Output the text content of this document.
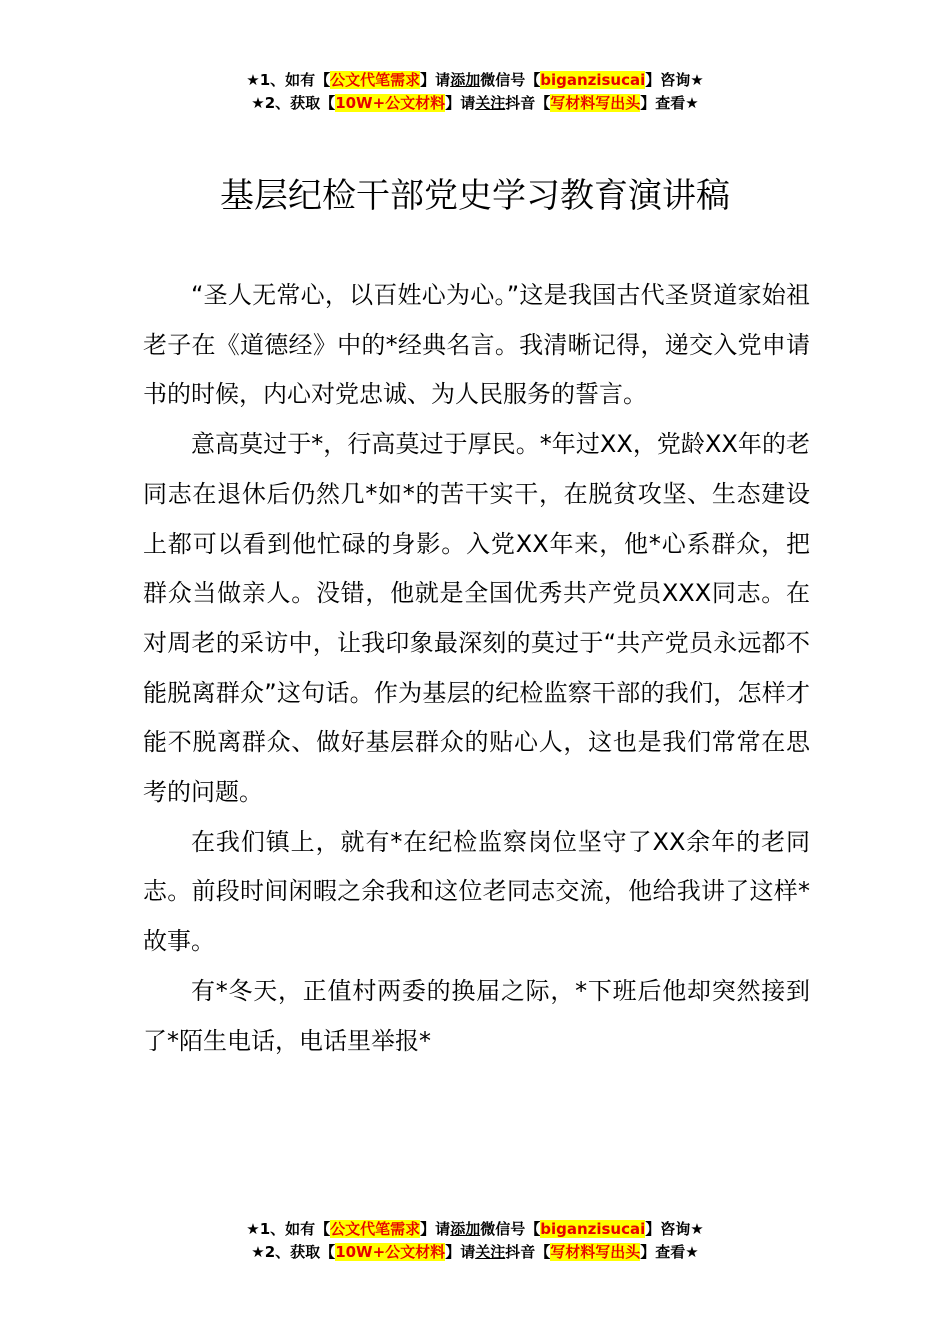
★1、如有【公文代笔需求】请添加微信号【biganzisucai】咨询★
★2、获取【10W+公文材料】请关注抖音【写材料写出头】查看★
基层纪检干部党史学习教育演讲稿

“圣人无常心，以百姓心为心。”这是我国古代圣贤道家始祖老子在《道德经》中的*经典名言。我清晰记得，递交入党申请书的时候，内心对党忠诚、为人民服务的誓言。

意高莫过于*，行高莫过于厚民。*年过XX，党龄XX年的老同志在退休后仍然几*如*的苦干实干，在脱贫攻坚、生态建设上都可以看到他忙碌的身影。入党XX年来，他*心系群众，把群众当做亲人。没错，他就是全国优秀共产党员XXX同志。在对周老的采访中，让我印象最深刻的莫过于“共产党员永远都不能脱离群众”这句话。作为基层的纪检监察干部的我们，怎样才能不脱离群众、做好基层群众的贴心人，这也是我们常常在思考的问题。

在我们镇上，就有*在纪检监察岗位坚守了XX余年的老同志。前段时间闲暇之余我和这位老同志交流，他给我讲了这样*故事。

有*冬天，正值村两委的换届之际，*下班后他却突然接到了*陌生电话，电话里举报*

★1、如有【公文代笔需求】请添加微信号【biganzisucai】咨询★
★2、获取【10W+公文材料】请关注抖音【写材料写出头】查看★
